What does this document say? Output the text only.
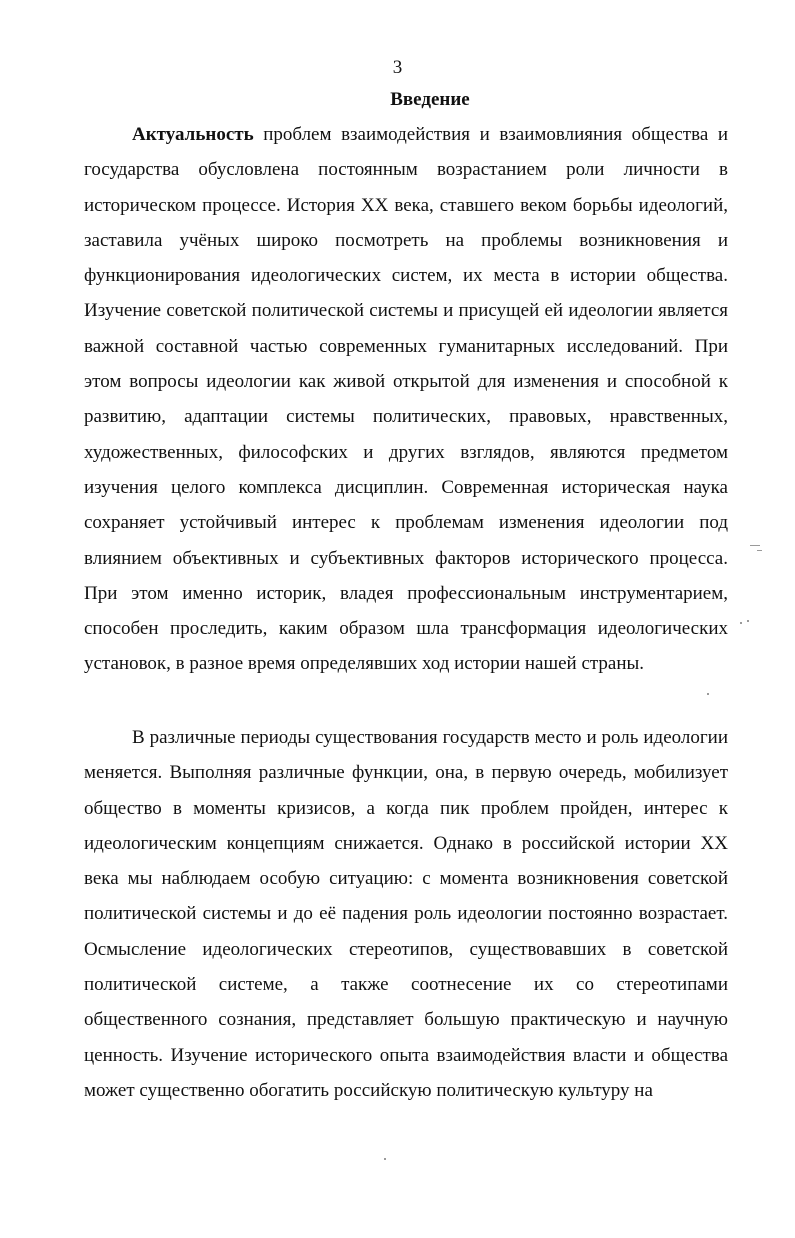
3
Введение

Актуальность проблем взаимодействия и взаимовлияния общества и государства обусловлена постоянным возрастанием роли личности в историческом процессе. История XX века, ставшего веком борьбы идеологий, заставила учёных широко посмотреть на проблемы возникновения и функционирования идеологических систем, их места в истории общества. Изучение советской политической системы и присущей ей идеологии является важной составной частью современных гуманитарных исследований. При этом вопросы идеологии как живой открытой для изменения и способной к развитию, адаптации системы политических, правовых, нравственных, художественных, философских и других взглядов, являются предметом изучения целого комплекса дисциплин. Современная историческая наука сохраняет устойчивый интерес к проблемам изменения идеологии под влиянием объективных и субъективных факторов исторического процесса. При этом именно историк, владея профессиональным инструментарием, способен проследить, каким образом шла трансформация идеологических установок, в разное время определявших ход истории нашей страны.

В различные периоды существования государств место и роль идеологии меняется. Выполняя различные функции, она, в первую очередь, мобилизует общество в моменты кризисов, а когда пик проблем пройден, интерес к идеологическим концепциям снижается. Однако в российской истории XX века мы наблюдаем особую ситуацию: с момента возникновения советской политической системы и до её падения роль идеологии постоянно возрастает. Осмысление идеологических стереотипов, существовавших в советской политической системе, а также соотнесение их со стереотипами общественного сознания, представляет большую практическую и научную ценность. Изучение исторического опыта взаимодействия власти и общества может существенно обогатить российскую политическую культуру на
